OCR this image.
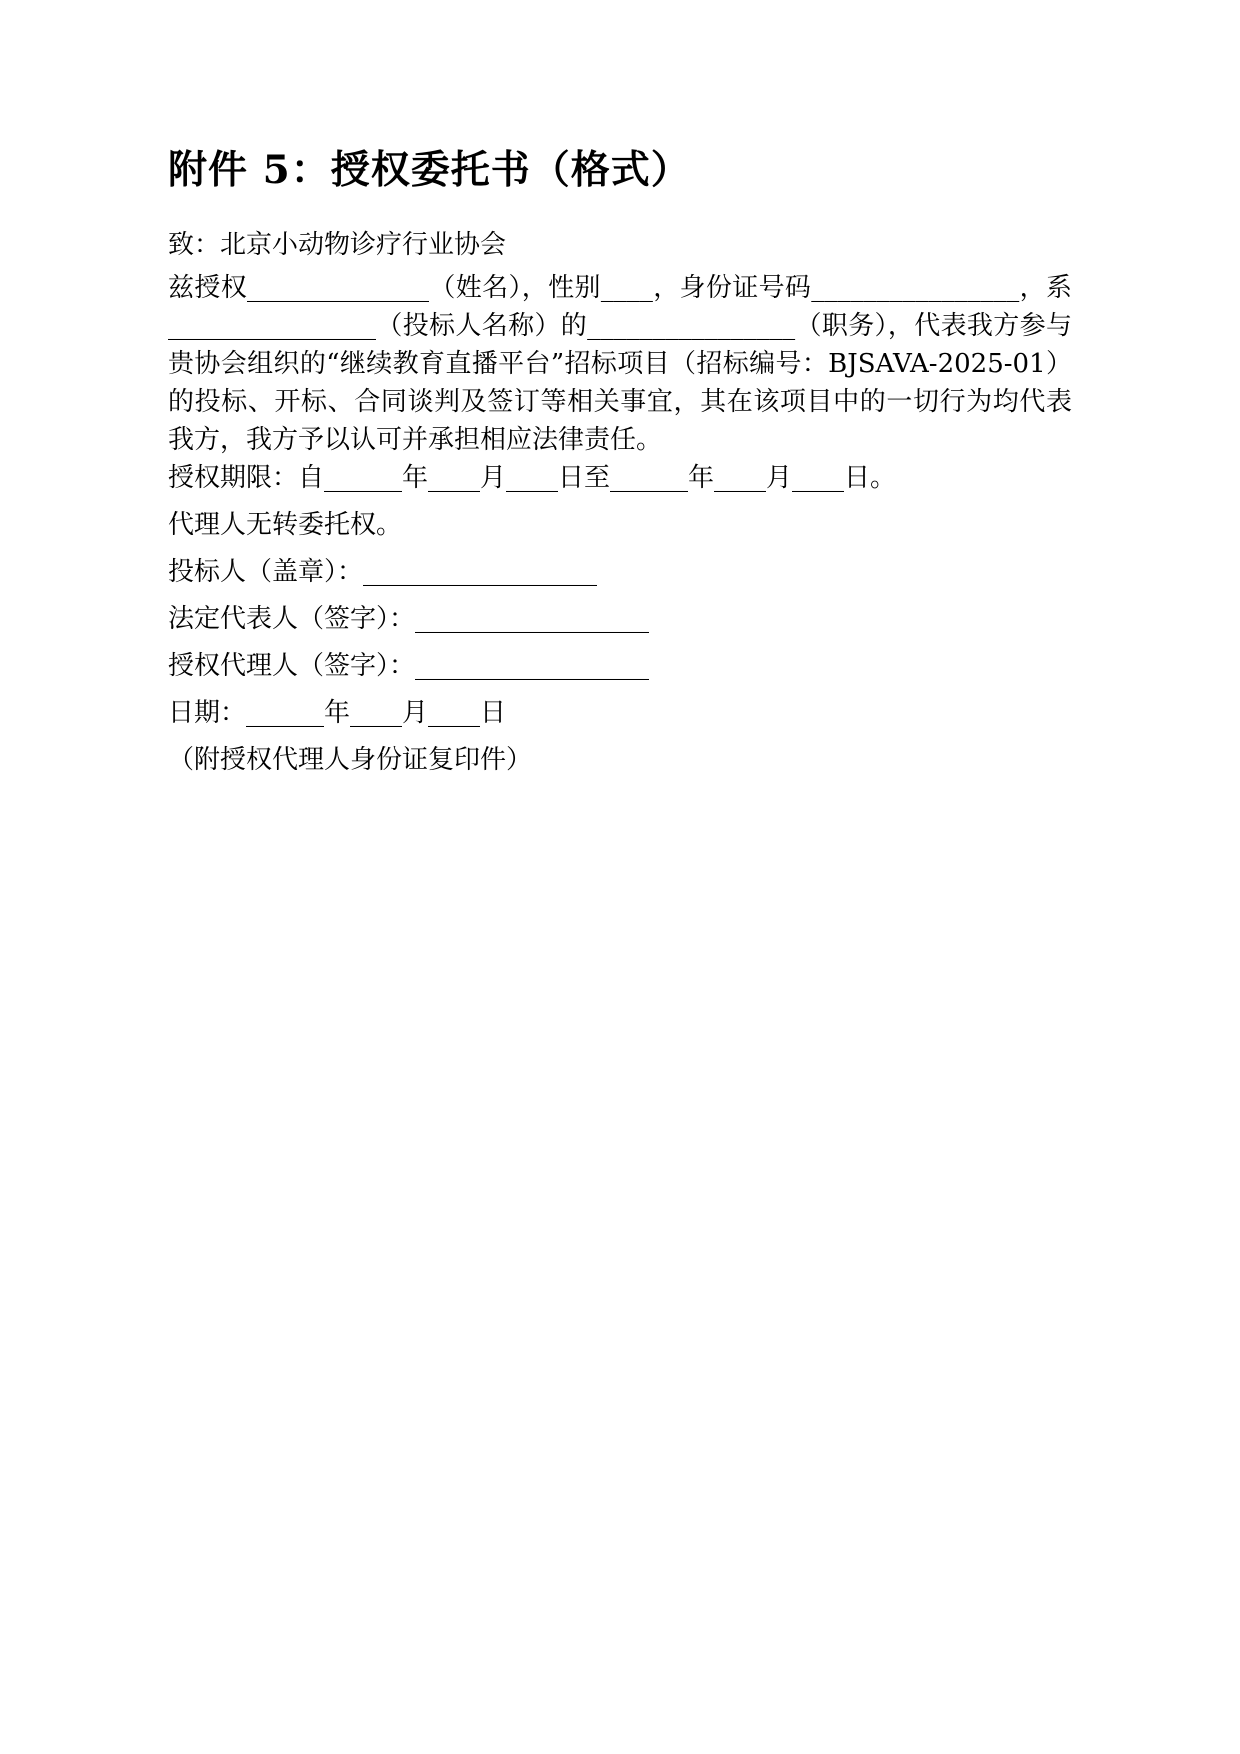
附件 5：授权委托书（格式）

致：北京小动物诊疗行业协会

兹授权______________（姓名），性别____，身份证号码________________，系________________（投标人名称）的________________（职务），代表我方参与贵协会组织的“继续教育直播平台”招标项目（招标编号：BJSAVA-2025-01）的投标、开标、合同谈判及签订等相关事宜，其在该项目中的一切行为均代表我方，我方予以认可并承担相应法律责任。

授权期限：自______年____月____日至______年____月____日。

代理人无转委托权。

投标人（盖章）：__________________

法定代表人（签字）：__________________

授权代理人（签字）：__________________

日期：______年____月____日

（附授权代理人身份证复印件）
